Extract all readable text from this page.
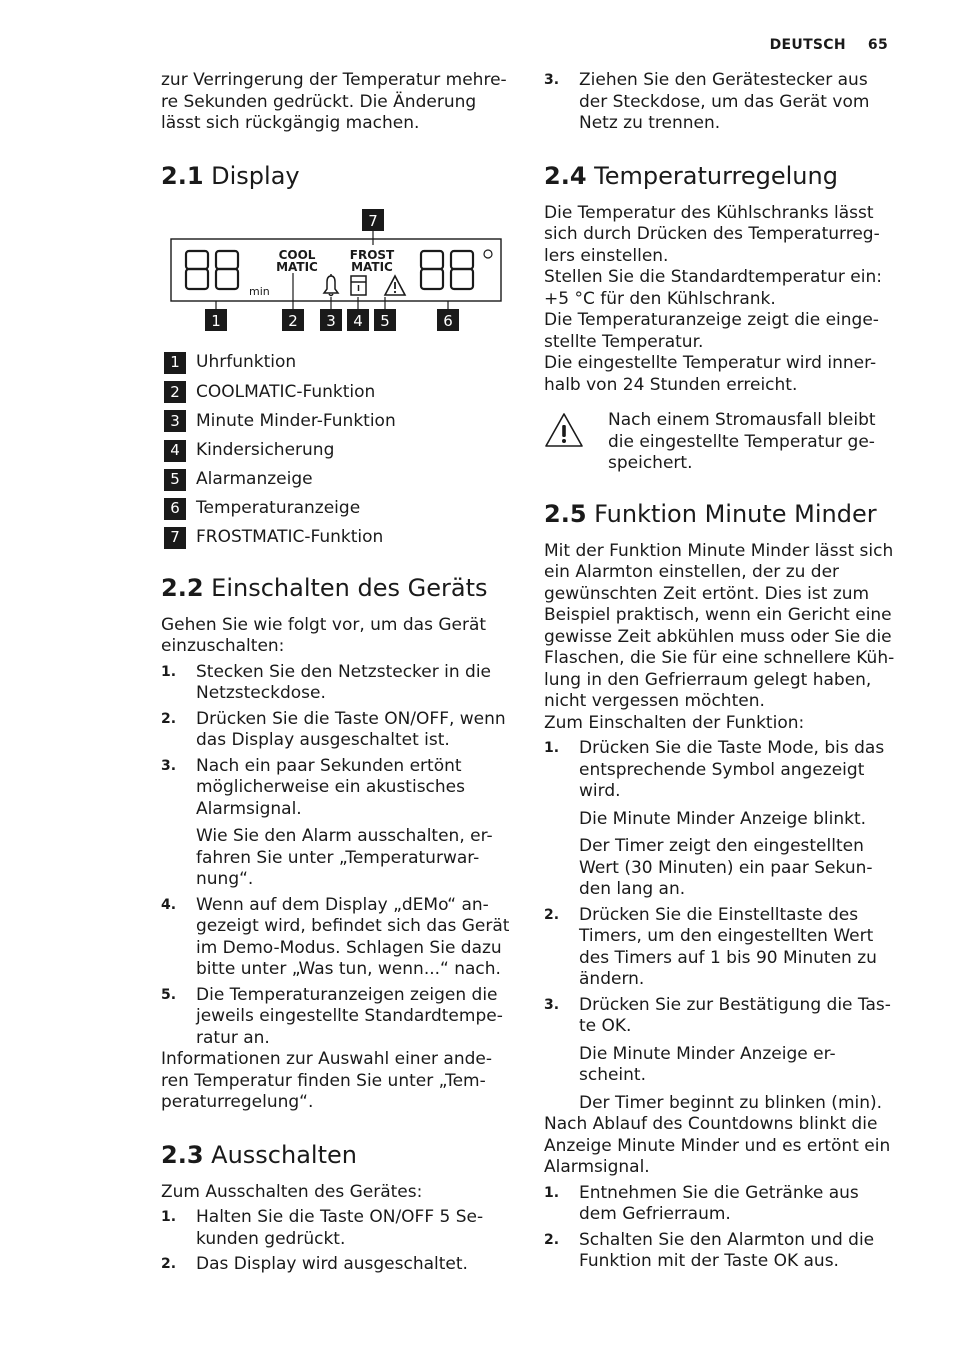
DEUTSCH 65

zur Verringerung der Temperatur mehre-re Sekunden gedrückt. Die Änderung lässt sich rückgängig machen.

2.1 Display
7
min
COOL
MATIC
FROST
MATIC
1	2 3 4 5	6
1 Uhrfunktion
2 COOLMATIC-Funktion
3 Minute Minder-Funktion
4 Kindersicherung
5 Alarmanzeige
6 Temperaturanzeige
7 FROSTMATIC-Funktion
2.2 Einschalten des Geräts

Gehen Sie wie folgt vor, um das Gerät einzuschalten:

1. Stecken Sie den Netzstecker in die Netzsteckdose.
2. Drücken Sie die Taste ON/OFF, wenn das Display ausgeschaltet ist.
3. Nach ein paar Sekunden ertönt möglicherweise ein akustisches Alarmsignal.

Wie Sie den Alarm ausschalten, er-fahren Sie unter „Temperaturwar-nung“.

4. Wenn auf dem Display „dEMo“ an-gezeigt wird, befindet sich das Gerät im Demo-Modus. Schlagen Sie dazu bitte unter „Was tun, wenn...“ nach.
5. Die Temperaturanzeigen zeigen die jeweils eingestellte Standardtempe-ratur an.

Informationen zur Auswahl einer ande-ren Temperatur finden Sie unter „Tem-peraturregelung“.

2.3 Ausschalten

Zum Ausschalten des Gerätes:

1. Halten Sie die Taste ON/OFF 5 Se-kunden gedrückt.
2. Das Display wird ausgeschaltet.
3. Ziehen Sie den Gerätestecker aus der Steckdose, um das Gerät vom Netz zu trennen.
2.4 Temperaturregelung

Die Temperatur des Kühlschranks lässt sich durch Drücken des Temperaturreg-lers einstellen.

Stellen Sie die Standardtemperatur ein: +5 °C für den Kühlschrank.

Die Temperaturanzeige zeigt die einge-stellte Temperatur.

Die eingestellte Temperatur wird inner-halb von 24 Stunden erreicht.

Nach einem Stromausfall bleibt die eingestellte Temperatur ge-speichert.

2.5 Funktion Minute Minder

Mit der Funktion Minute Minder lässt sich ein Alarmton einstellen, der zu der gewünschten Zeit ertönt. Dies ist zum Beispiel praktisch, wenn ein Gericht eine gewisse Zeit abkühlen muss oder Sie die Flaschen, die Sie für eine schnellere Küh-lung in den Gefrierraum gelegt haben, nicht vergessen möchten.

Zum Einschalten der Funktion:

1. Drücken Sie die Taste Mode, bis das entsprechende Symbol angezeigt wird.

Die Minute Minder Anzeige blinkt.

Der Timer zeigt den eingestellten Wert (30 Minuten) ein paar Sekun-den lang an.

2. Drücken Sie die Einstelltaste des Timers, um den eingestellten Wert des Timers auf 1 bis 90 Minuten zu ändern.
3. Drücken Sie zur Bestätigung die Tas-te OK.

Die Minute Minder Anzeige er-scheint.

Der Timer beginnt zu blinken (min).

Nach Ablauf des Countdowns blinkt die Anzeige Minute Minder und es ertönt ein Alarmsignal.

1. Entnehmen Sie die Getränke aus dem Gefrierraum.
2. Schalten Sie den Alarmton und die Funktion mit der Taste OK aus.
